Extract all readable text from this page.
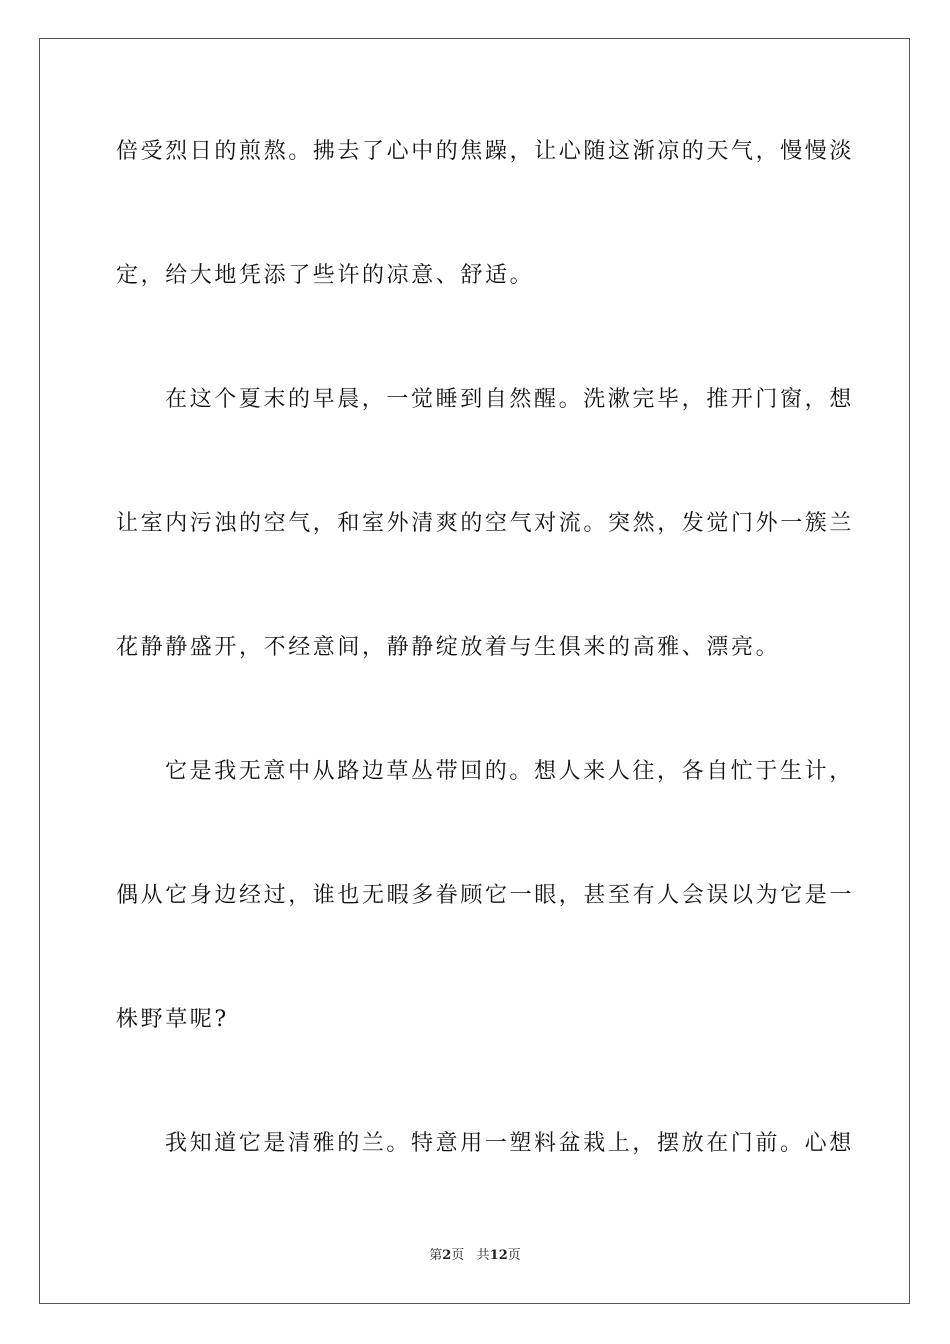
倍受烈日的煎熬。拂去了心中的焦躁，让心随这渐凉的天气，慢慢淡
定，给大地凭添了些许的凉意、舒适。
在这个夏末的早晨，一觉睡到自然醒。洗漱完毕，推开门窗，想
让室内污浊的空气，和室外清爽的空气对流。突然，发觉门外一簇兰
花静静盛开，不经意间，静静绽放着与生俱来的高雅、漂亮。
它是我无意中从路边草丛带回的。想人来人往，各自忙于生计，
偶从它身边经过，谁也无暇多眷顾它一眼，甚至有人会误以为它是一
株野草呢?
我知道它是清雅的兰。特意用一塑料盆栽上，摆放在门前。心想
第2页 共12页
